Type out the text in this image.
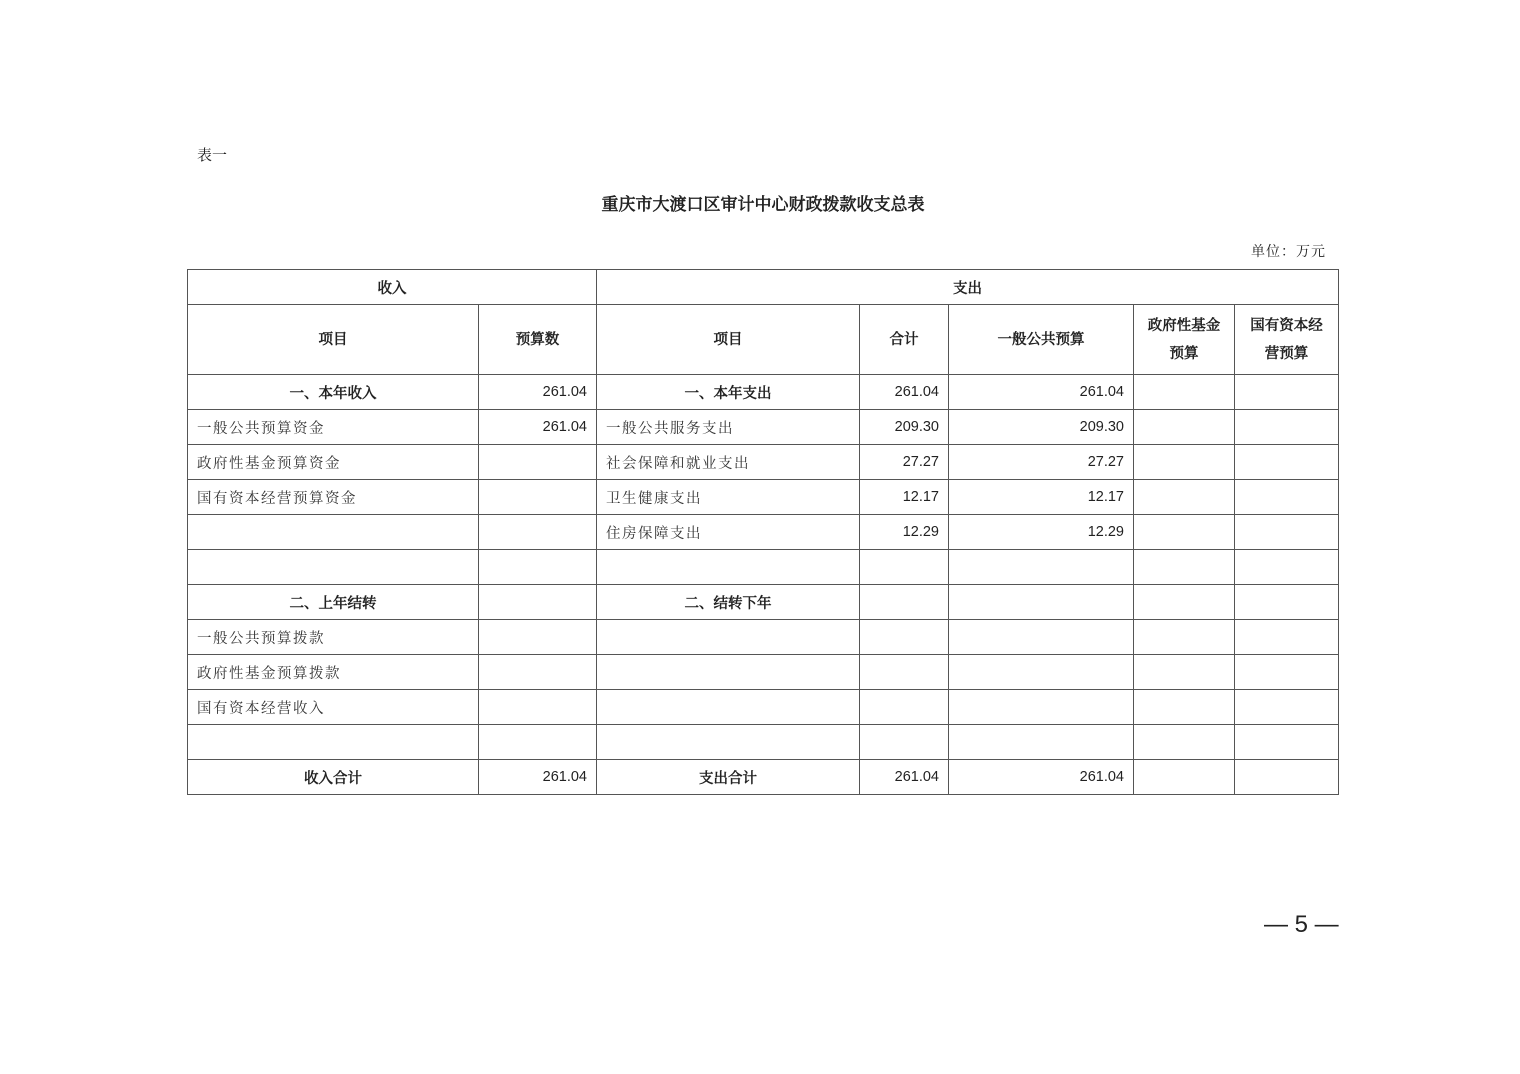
表一
重庆市大渡口区审计中心财政拨款收支总表
单位：万元
收入		支出				
项目	预算数	项目	合计	一般公共预算	政府性基金预算	国有资本经营预算
一、本年收入	261.04	一、本年支出	261.04	261.04		
一般公共预算资金	261.04	一般公共服务支出	209.30	209.30		
政府性基金预算资金		社会保障和就业支出	27.27	27.27		
国有资本经营预算资金		卫生健康支出	12.17	12.17		
		住房保障支出	12.29	12.29		

二、上年结转		二、结转下年				
一般公共预算拨款						
政府性基金预算拨款						
国有资本经营收入						

收入合计	261.04	支出合计	261.04	261.04		
— 5 —
